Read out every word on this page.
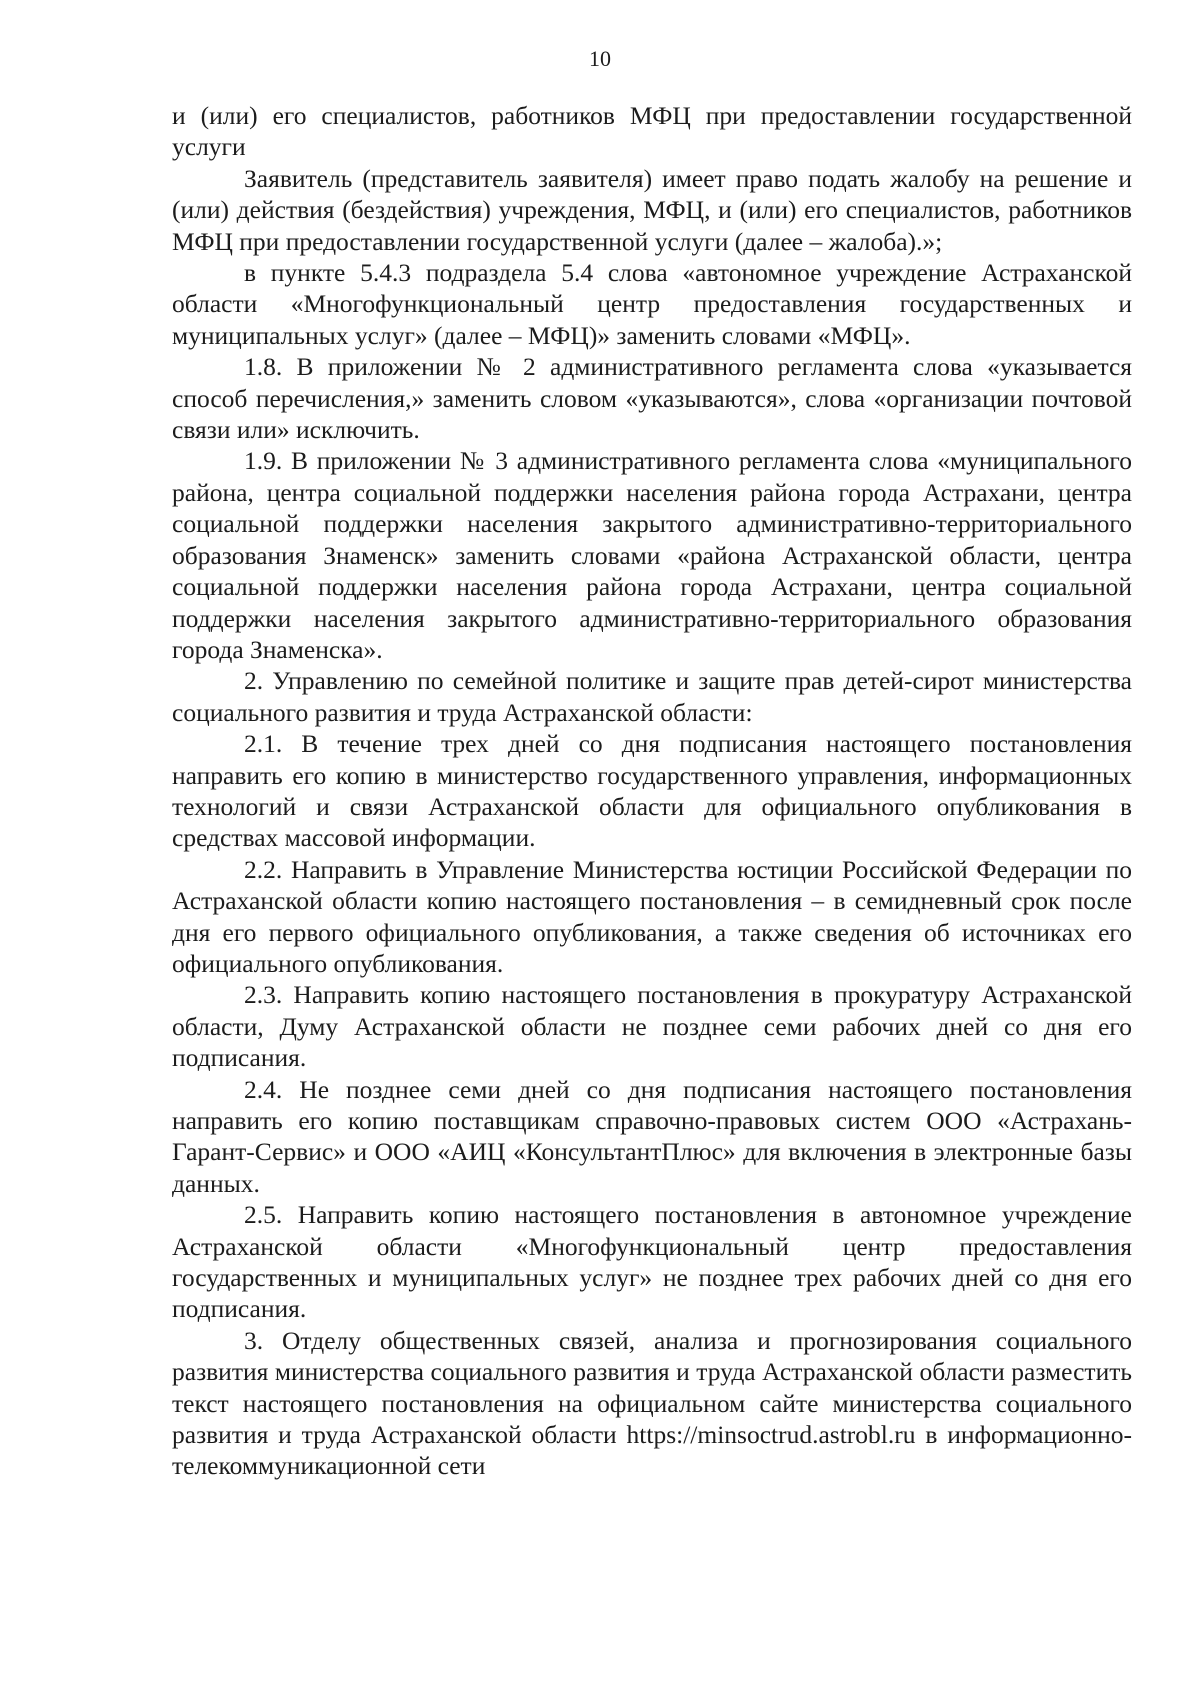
10

и (или) его специалистов, работников МФЦ при предоставлении государственной услуги

Заявитель (представитель заявителя) имеет право подать жалобу на решение и (или) действия (бездействия) учреждения, МФЦ, и (или) его специалистов, работников МФЦ при предоставлении государственной услуги (далее – жалоба).»;

в пункте 5.4.3 подраздела 5.4 слова «автономное учреждение Астраханской области «Многофункциональный центр предоставления государственных и муниципальных услуг» (далее – МФЦ)» заменить словами «МФЦ».

1.8. В приложении № 2 административного регламента слова «указывается способ перечисления,» заменить словом «указываются», слова «организации почтовой связи или» исключить.

1.9. В приложении № 3 административного регламента слова «муниципального района, центра социальной поддержки населения района города Астрахани, центра социальной поддержки населения закрытого административно-территориального образования Знаменск» заменить словами «района Астраханской области, центра социальной поддержки населения района города Астрахани, центра социальной поддержки населения закрытого административно-территориального образования города Знаменска».

2. Управлению по семейной политике и защите прав детей-сирот министерства социального развития и труда Астраханской области:

2.1. В течение трех дней со дня подписания настоящего постановления направить его копию в министерство государственного управления, информационных технологий и связи Астраханской области для официального опубликования в средствах массовой информации.

2.2. Направить в Управление Министерства юстиции Российской Федерации по Астраханской области копию настоящего постановления – в семидневный срок после дня его первого официального опубликования, а также сведения об источниках его официального опубликования.

2.3. Направить копию настоящего постановления в прокуратуру Астраханской области, Думу Астраханской области не позднее семи рабочих дней со дня его подписания.

2.4. Не позднее семи дней со дня подписания настоящего постановления направить его копию поставщикам справочно-правовых систем ООО «Астрахань-Гарант-Сервис» и ООО «АИЦ «КонсультантПлюс» для включения в электронные базы данных.

2.5. Направить копию настоящего постановления в автономное учреждение Астраханской области «Многофункциональный центр предоставления государственных и муниципальных услуг» не позднее трех рабочих дней со дня его подписания.

3. Отделу общественных связей, анализа и прогнозирования социального развития министерства социального развития и труда Астраханской области разместить текст настоящего постановления на официальном сайте министерства социального развития и труда Астраханской области https://minsoctrud.astrobl.ru в информационно-телекоммуникационной сети
